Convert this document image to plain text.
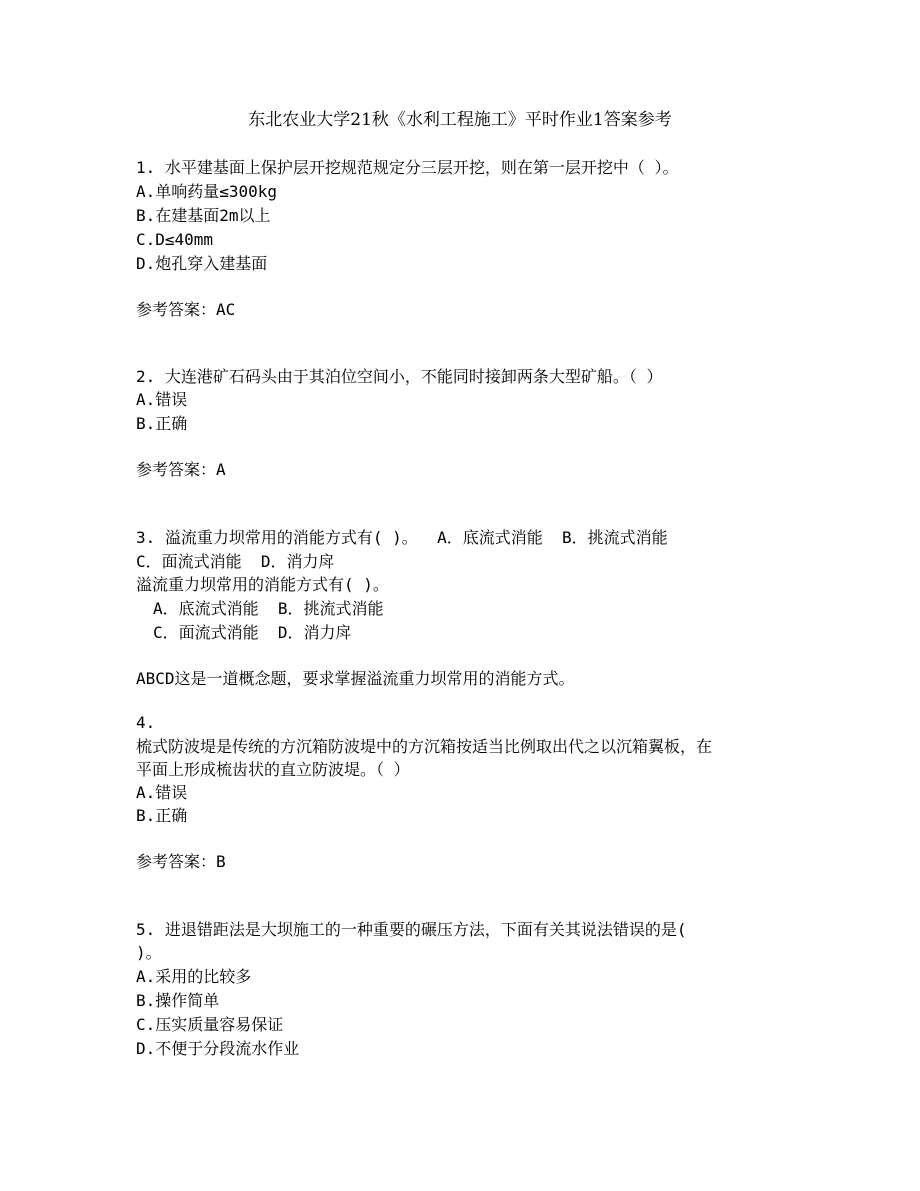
东北农业大学21秋《水利工程施工》平时作业1答案参考
1. 水平建基面上保护层开挖规范规定分三层开挖，则在第一层开挖中（ ）。
A.单响药量≤300kg
B.在建基面2m以上
C.D≤40mm
D.炮孔穿入建基面
参考答案：AC
2. 大连港矿石码头由于其泊位空间小，不能同时接卸两条大型矿船。（ ）
A.错误
B.正确
参考答案：A
3. 溢流重力坝常用的消能方式有( )。  A．底流式消能  B．挑流式消能
C．面流式消能  D．消力戽
溢流重力坝常用的消能方式有( )。
A．底流式消能  B．挑流式消能
C．面流式消能  D．消力戽
ABCD这是一道概念题，要求掌握溢流重力坝常用的消能方式。
4.
梳式防波堤是传统的方沉箱防波堤中的方沉箱按适当比例取出代之以沉箱翼板，在
平面上形成梳齿状的直立防波堤。（ ）
A.错误
B.正确
参考答案：B
5. 进退错距法是大坝施工的一种重要的碾压方法，下面有关其说法错误的是(
)。
A.采用的比较多
B.操作简单
C.压实质量容易保证
D.不便于分段流水作业
